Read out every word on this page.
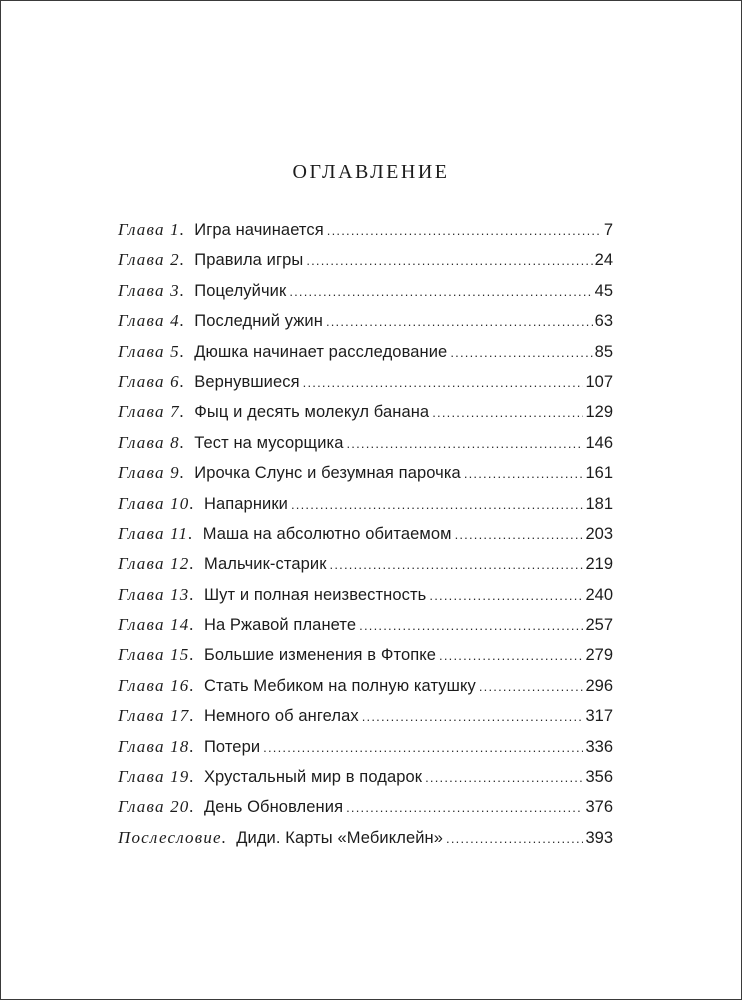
ОГЛАВЛЕНИЕ
Глава 1. Игра начинается .....	7
Глава 2. Правила игры .....	24
Глава 3. Поцелуйчик .....	45
Глава 4. Последний ужин .....	63
Глава 5. Дюшка начинает расследование .....	85
Глава 6. Вернувшиеся .....	107
Глава 7. Фыц и десять молекул банана .....	129
Глава 8. Тест на мусорщика .....	146
Глава 9. Ирочка Слунс и безумная парочка .....	161
Глава 10. Напарники .....	181
Глава 11. Маша на абсолютно обитаемом .....	203
Глава 12. Мальчик-старик .....	219
Глава 13. Шут и полная неизвестность .....	240
Глава 14. На Ржавой планете .....	257
Глава 15. Большие изменения в Фтопке .....	279
Глава 16. Стать Мебиком на полную катушку .....	296
Глава 17. Немного об ангелах .....	317
Глава 18. Потери .....	336
Глава 19. Хрустальный мир в подарок .....	356
Глава 20. День Обновления .....	376
Послесловие. Диди. Карты «Мебиклейн» .....	393
